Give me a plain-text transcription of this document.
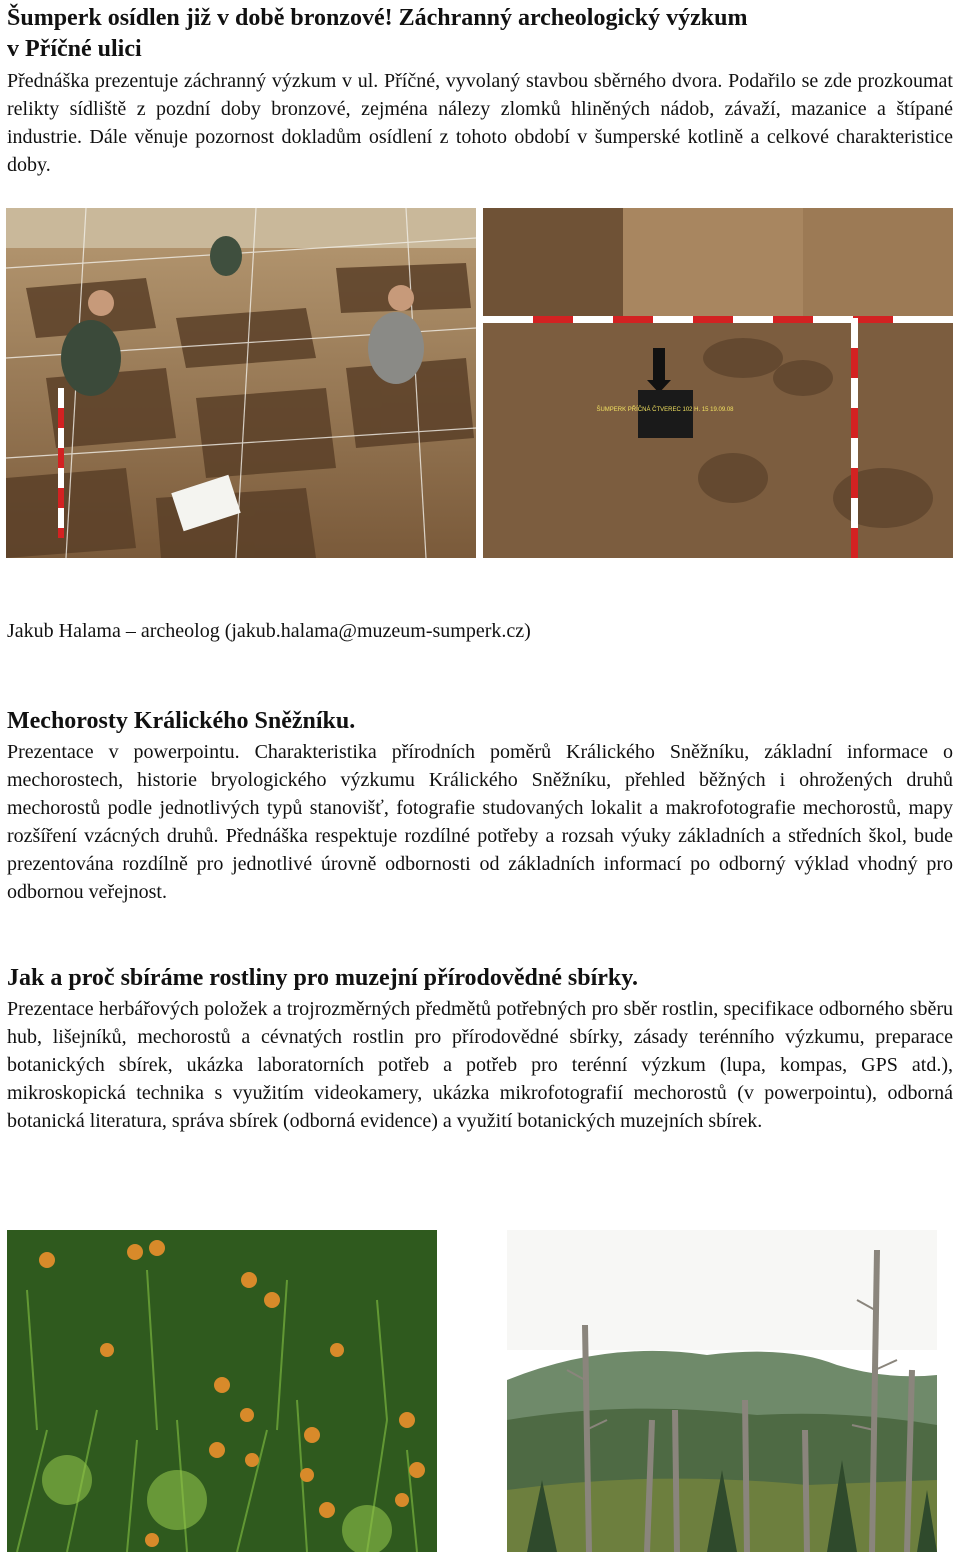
Šumperk osídlen již v době bronzové! Záchranný archeologický výzkum
v Příčné ulici

Přednáška prezentuje záchranný výzkum v ul. Příčné, vyvolaný stavbou sběrného dvora. Podařilo se zde prozkoumat relikty sídliště z pozdní doby bronzové, zejména nálezy zlomků hliněných nádob, závaží, mazanice a štípané industrie. Dále věnuje pozornost dokladům osídlení z tohoto období v šumperské kotlině a celkové charakteristice doby.

ŠUMPERK PŘÍČNÁ ČTVEREC 102 H. 15 19.09.08

Jakub Halama – archeolog (jakub.halama@muzeum-sumperk.cz)

Mechorosty Králického Sněžníku.

Prezentace v powerpointu. Charakteristika přírodních poměrů Králického Sněžníku, základní informace o mechorostech, historie bryologického výzkumu Králického Sněžníku, přehled běžných i ohrožených druhů mechorostů podle jednotlivých typů stanovišť, fotografie studovaných lokalit a makrofotografie mechorostů, mapy rozšíření vzácných druhů. Přednáška respektuje rozdílné potřeby a rozsah výuky základních a středních škol, bude prezentována rozdílně pro jednotlivé úrovně odbornosti od základních informací po odborný výklad vhodný pro odbornou veřejnost.

Jak a proč sbíráme rostliny pro muzejní přírodovědné sbírky.

Prezentace herbářových položek a trojrozměrných předmětů potřebných pro sběr rostlin, specifikace odborného sběru hub, lišejníků, mechorostů a cévnatých rostlin pro přírodovědné sbírky, zásady terénního výzkumu, preparace botanických sbírek, ukázka laboratorních potřeb a potřeb pro terénní výzkum (lupa, kompas, GPS atd.), mikroskopická technika s využitím videokamery, ukázka mikrofotografií mechorostů (v powerpointu), odborná botanická literatura, správa sbírek (odborná evidence) a využití botanických muzejních sbírek.
